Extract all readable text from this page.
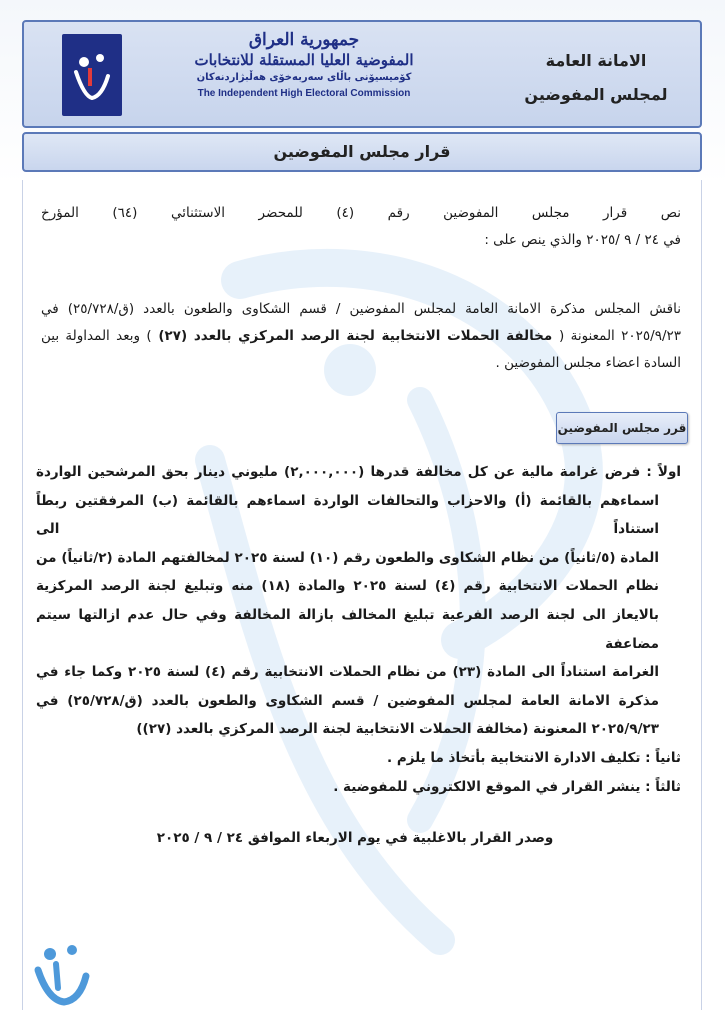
جمهورية العراق

المفوضية العليا المستقلة للانتخابات

كۆمیسیۆنی باڵای سەربەخۆی هەڵبژاردنەکان

The Independent High Electoral Commission

الامانة العامة
لمجلس المفوضين
قرار مجلس المفوضين
نص قرار مجلس المفوضين رقم (٤) للمحضر الاستثنائي (٦٤) المؤرخ
في ٢٤ / ٩ /٢٠٢٥ والذي ينص على :
ناقش المجلس مذكرة الامانة العامة لمجلس المفوضين / قسم الشكاوى والطعون بالعدد (ق/٢٥/٧٢٨) في ٢٠٢٥/٩/٢٣ المعنونة ( مخالفة الحملات الانتخابية لجنة الرصد المركزي بالعدد (٢٧) ) وبعد المداولة بين السادة اعضاء مجلس المفوضين .
قرر مجلس المفوضين
اولاً : فرض غرامة مالية عن كل مخالفة قدرها (٢,٠٠٠,٠٠٠) مليوني دينار بحق المرشحين الواردة
اسماءهم بالقائمة (أ) والاحزاب والتحالفات الواردة اسماءهم بالقائمة (ب) المرفقتين ربطاً استناداً الى
المادة (٥/ثانياً) من نظام الشكاوى والطعون رقم (١٠) لسنة ٢٠٢٥ لمخالفتهم المادة (٢/ثانياً) من
نظام الحملات الانتخابية رقم (٤) لسنة ٢٠٢٥ والمادة (١٨) منه وتبليغ لجنة الرصد المركزية
بالايعاز الى لجنة الرصد الفرعية تبليغ المخالف بازالة المخالفة وفي حال عدم ازالتها سيتم مضاعفة
الغرامة استناداً الى المادة (٢٣) من نظام الحملات الانتخابية رقم (٤) لسنة ٢٠٢٥ وكما جاء في
مذكرة الامانة العامة لمجلس المفوضين / قسم الشكاوى والطعون بالعدد (ق/٢٥/٧٢٨) في
٢٠٢٥/٩/٢٣ المعنونة (مخالفة الحملات الانتخابية لجنة الرصد المركزي بالعدد (٢٧))
ثانياً : تكليف الادارة الانتخابية بأتخاذ ما يلزم .
ثالثاً : ينشر القرار في الموقع الالكتروني للمفوضية .
وصدر القرار بالاغلبية في يوم الاربعاء الموافق ٢٤ / ٩ / ٢٠٢٥
